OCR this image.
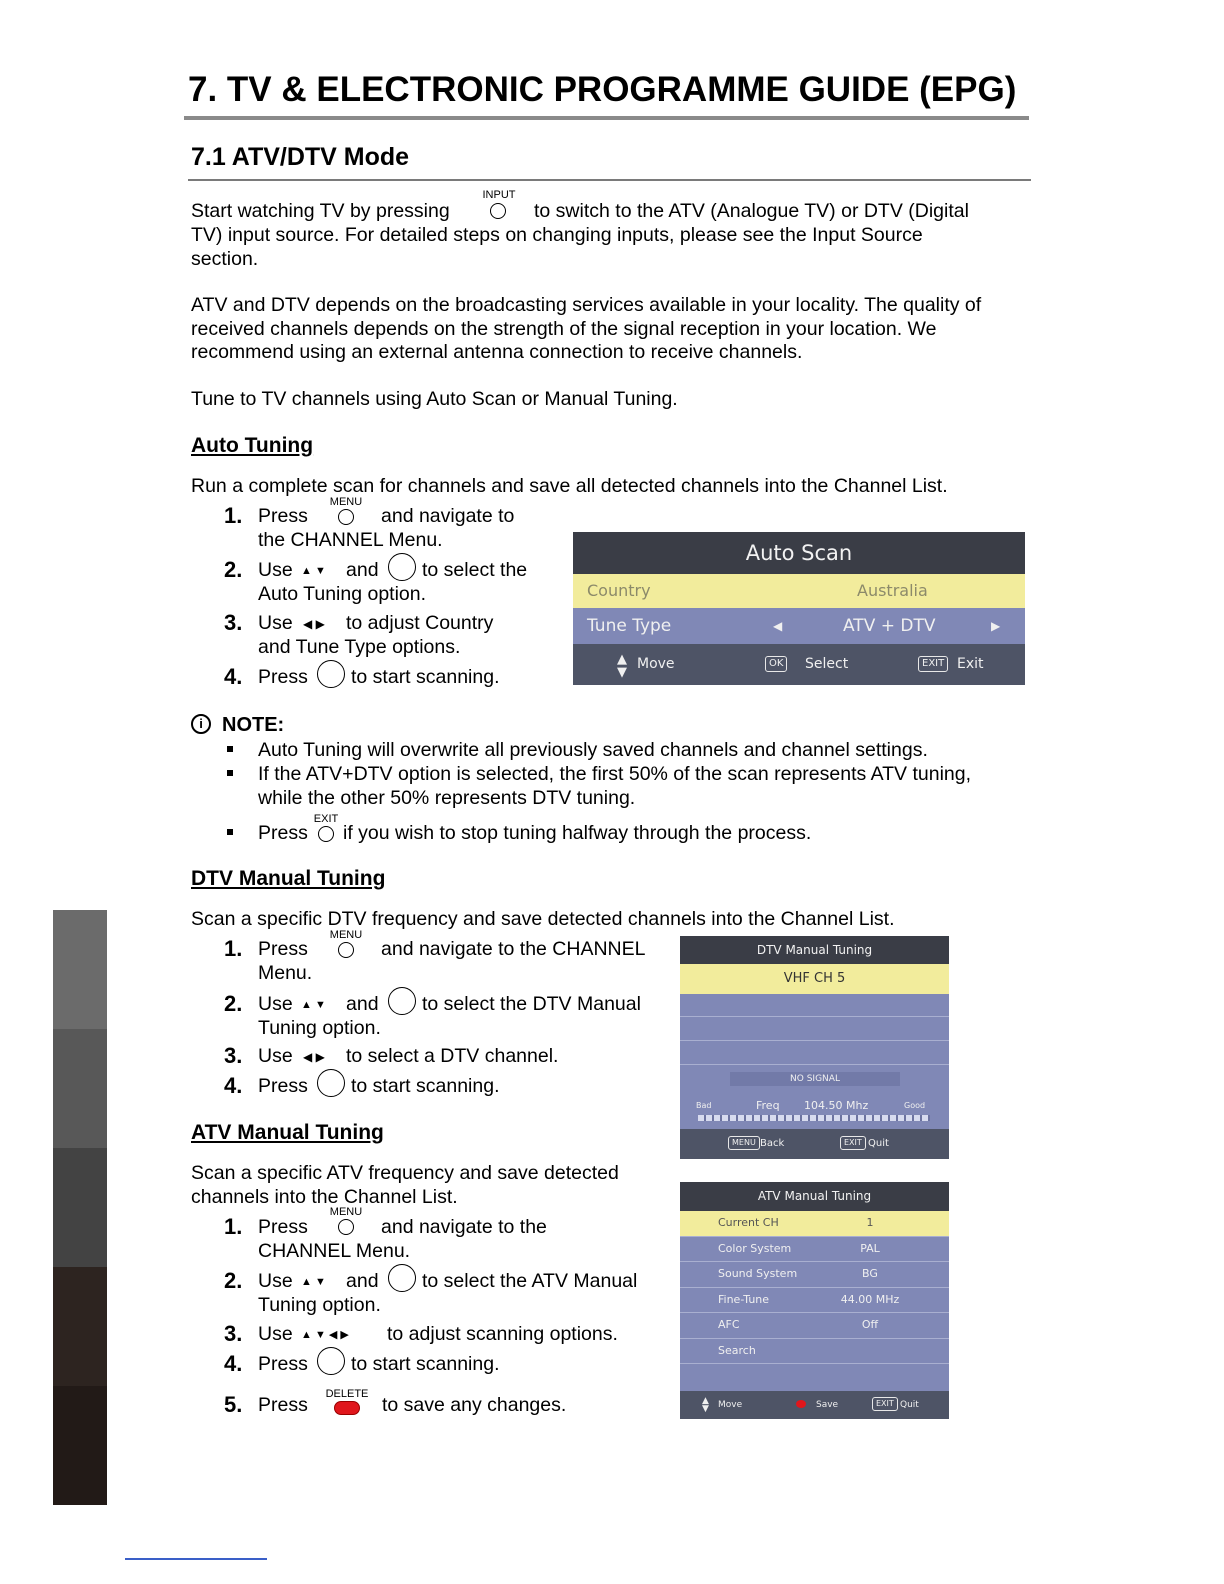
7. TV & ELECTRONIC PROGRAMME GUIDE (EPG)
7.1 ATV/DTV Mode
Start watching TV by pressing
INPUT
to switch to the ATV (Analogue TV) or DTV (Digital
TV) input source. For detailed steps on changing inputs, please see the Input Source
section.
ATV and DTV depends on the broadcasting services available in your locality. The quality of received channels depends on the strength of the signal reception in your location. We recommend using an external antenna connection to receive channels.
Tune to TV channels using Auto Scan or Manual Tuning.
Auto Tuning
Run a complete scan for channels and save all detected channels into the Channel List.
1. Press
MENU
and navigate to
the CHANNEL Menu.
2. Use ▲ ▼ and to select the
Auto Tuning option.
3. Use ◀ ▶ to adjust Country
and Tune Type options.
4. Press to start scanning.
Auto Scan
Country	Australia
Tune Type	◀	ATV + DTV	▶
▲
▼
Move	OK Select	EXIT Exit
i NOTE:
Auto Tuning will overwrite all previously saved channels and channel settings.
If the ATV+DTV option is selected, the first 50% of the scan represents ATV tuning,
while the other 50% represents DTV tuning.
Press
EXIT
if you wish to stop tuning halfway through the process.
DTV Manual Tuning
Scan a specific DTV frequency and save detected channels into the Channel List.
1. Press
MENU
and navigate to the CHANNEL
Menu.
2. Use ▲ ▼ and to select the DTV Manual
Tuning option.
3. Use ◀ ▶ to select a DTV channel.
4. Press to start scanning.
DTV Manual Tuning
VHF CH 5
NO SIGNAL
Bad	Freq 104.50 Mhz	Good
MENU Back	EXIT Quit
ATV Manual Tuning
Scan a specific ATV frequency and save detected
channels into the Channel List.
1. Press
MENU
and navigate to the
CHANNEL Menu.
2. Use ▲ ▼ and to select the ATV Manual
Tuning option.
3. Use ▲ ▼ ◀ ▶ to adjust scanning options.
4. Press to start scanning.
5. Press	DELETE to save any changes.
ATV Manual Tuning
Current CH	1
Color System	PAL
Sound System	BG
Fine-Tune	44.00 MHz
AFC	Off
Search
▲
▼ Move	Save	EXIT Quit
